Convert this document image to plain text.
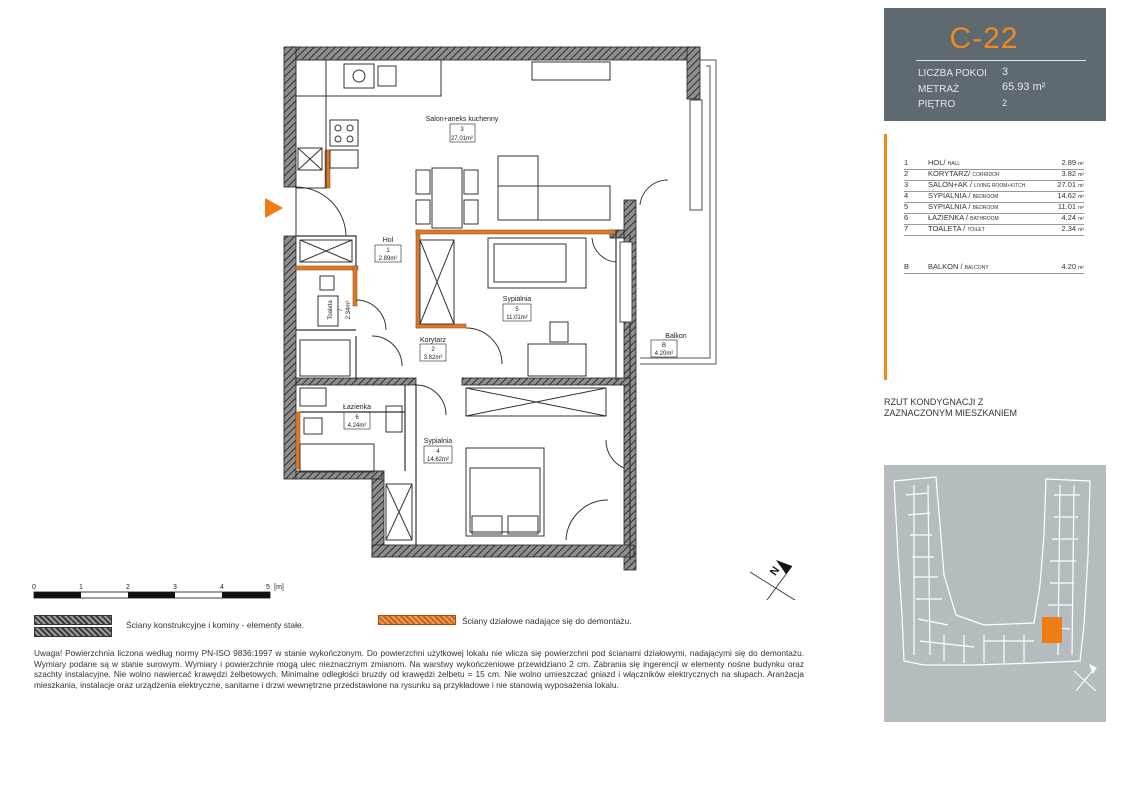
Salon+aneks kuchenny
3
27.01m²
Hol
1
2.89m²
Toaleta 7 2.34m²
Sypialnia
5
11.01m²
Korytarz
2
3.82m²
Balkon
B
4.20m²
Łazienka
6
4.24m²
Sypialnia
4
14.62m²
N
0	1	2	3	4	5 [m]
Ściany konstrukcyjne i kominy - elementy stałe.	Ściany działowe nadające się do demontażu.
Uwaga! Powierzchnia liczona według normy PN-ISO 9836:1997 w stanie wykończonym. Do powierzchni użytkowej lokalu nie wlicza się powierzchni pod ścianami działowymi, nadającymi się do demontażu. Wymiary podane są w stanie surowym. Wymiary i powierzchnie mogą ulec nieznacznym zmianom. Na warstwy wykończeniowe przewidziano 2 cm. Zabrania się ingerencji w elementy nośne budynku oraz szachty instalacyjne. Nie wolno nawiercać krawędzi żelbetowych. Minimalne odległości bruzdy od krawędzi żelbetu = 15 cm. Nie wolno umieszczać gniazd i włączników elektrycznych na słupach. Aranżacja mieszkania, instalacje oraz urządzenia elektryczne, sanitarne i drzwi wewnętrzne przedstawione na rysunku są przykładowe i nie stanowią wyposażenia lokalu.
C-22
LICZBA POKOI 3
METRAŻ	65.93 m²
PIĘTRO	2
1	HOL/ HALL	2.89 m²
2	KORYTARZ/ CORRIDOR	3.82 m²
3	SALON+AK / LIVING ROOM+KITCH.	27.01 m²
4	SYPIALNIA / BEDROOM	14.62 m²
5	SYPIALNIA / BEDROOM	11.01 m²
6	ŁAZIENKA / BATHROOM	4.24 m²
7	TOALETA / TOILET	2.34 m²
B	BALKON / BALCONY	4.20 m²
RZUT KONDYGNACJI Z
ZAZNACZONYM MIESZKANIEM
